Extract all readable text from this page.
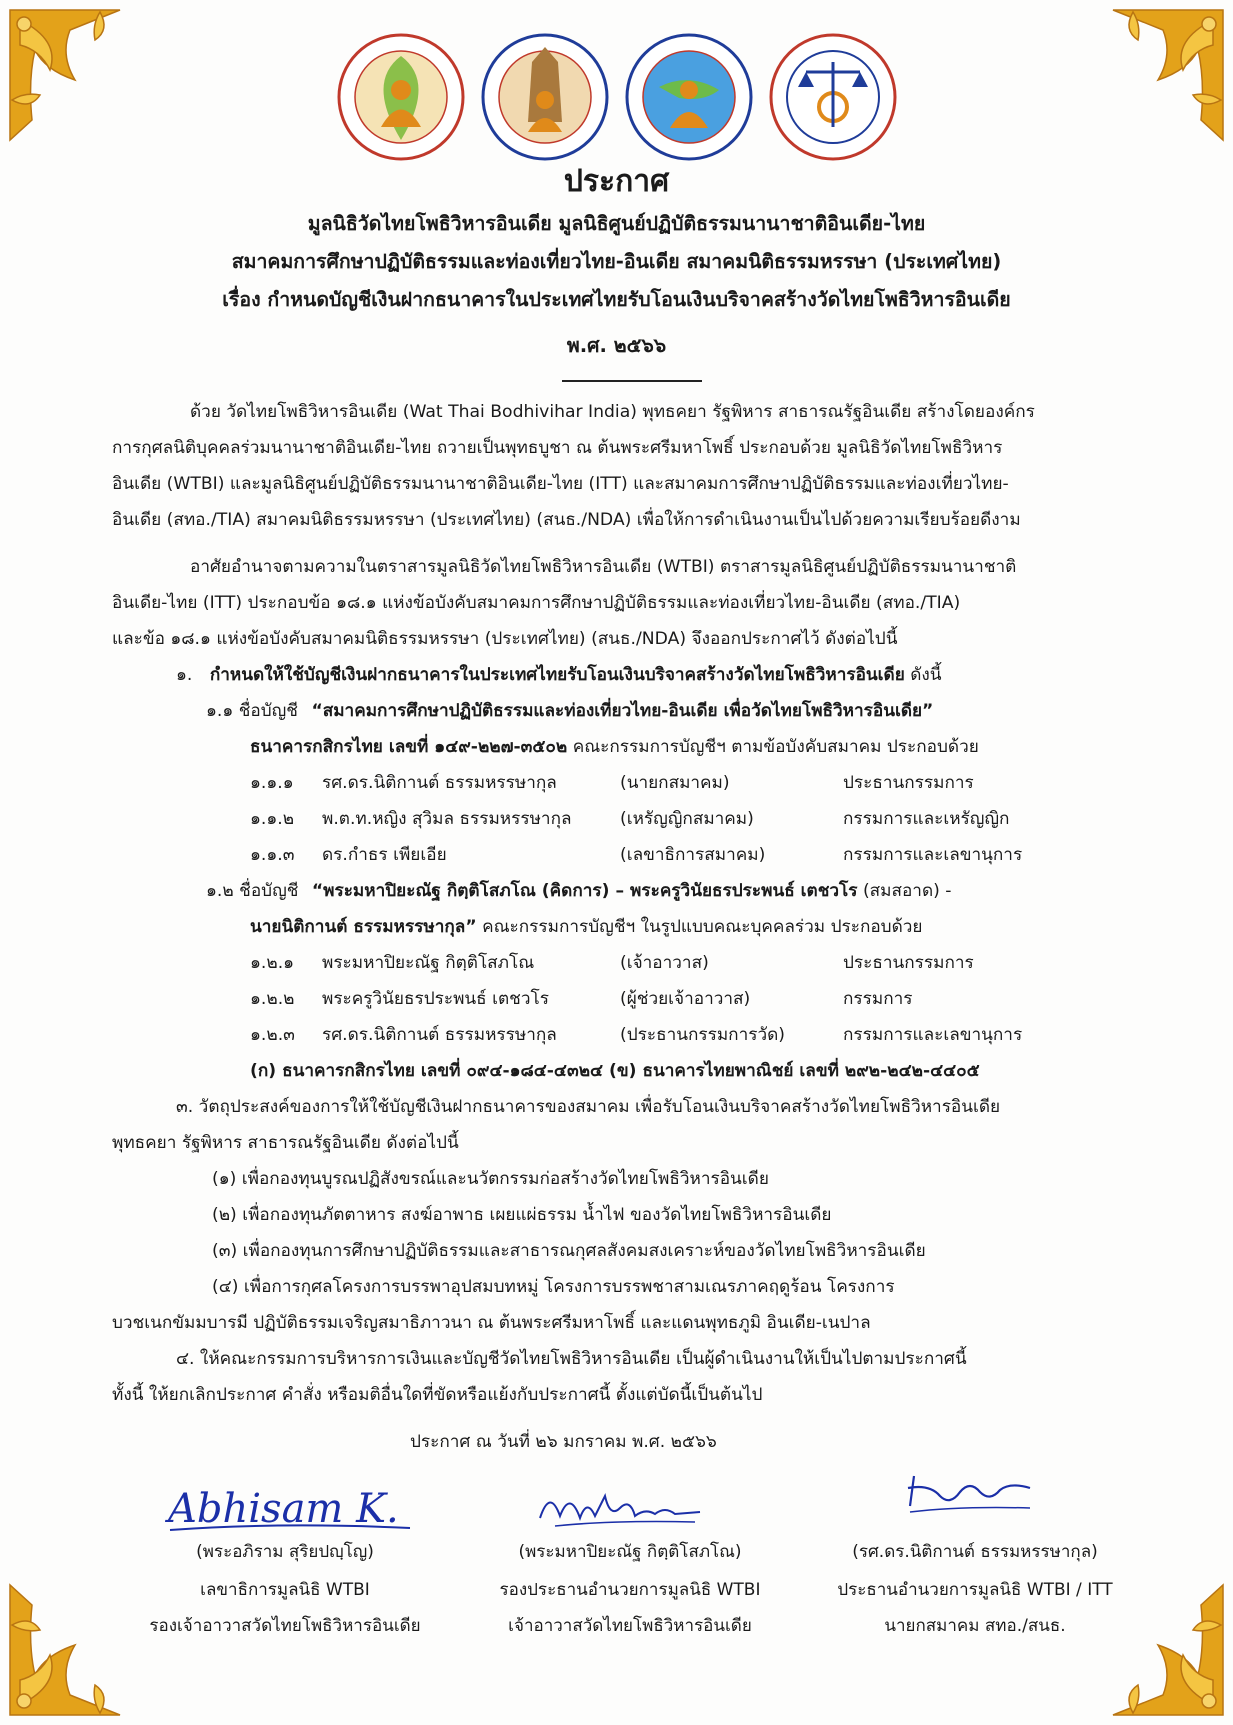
ประกาศ
มูลนิธิวัดไทยโพธิวิหารอินเดีย มูลนิธิศูนย์ปฏิบัติธรรมนานาชาติอินเดีย-ไทย
สมาคมการศึกษาปฏิบัติธรรมและท่องเที่ยวไทย-อินเดีย สมาคมนิติธรรมหรรษา (ประเทศไทย)
เรื่อง กำหนดบัญชีเงินฝากธนาคารในประเทศไทยรับโอนเงินบริจาคสร้างวัดไทยโพธิวิหารอินเดีย
พ.ศ. ๒๕๖๖
ด้วย วัดไทยโพธิวิหารอินเดีย (Wat Thai Bodhivihar India) พุทธคยา รัฐพิหาร สาธารณรัฐอินเดีย สร้างโดยองค์กร
การกุศลนิติบุคคลร่วมนานาชาติอินเดีย-ไทย ถวายเป็นพุทธบูชา ณ ต้นพระศรีมหาโพธิ์ ประกอบด้วย มูลนิธิวัดไทยโพธิวิหาร
อินเดีย (WTBI) และมูลนิธิศูนย์ปฏิบัติธรรมนานาชาติอินเดีย-ไทย (ITT) และสมาคมการศึกษาปฏิบัติธรรมและท่องเที่ยวไทย-
อินเดีย (สทอ./TIA) สมาคมนิติธรรมหรรษา (ประเทศไทย) (สนธ./NDA) เพื่อให้การดำเนินงานเป็นไปด้วยความเรียบร้อยดีงาม
อาศัยอำนาจตามความในตราสารมูลนิธิวัดไทยโพธิวิหารอินเดีย (WTBI) ตราสารมูลนิธิศูนย์ปฏิบัติธรรมนานาชาติ
อินเดีย-ไทย (ITT) ประกอบข้อ ๑๘.๑ แห่งข้อบังคับสมาคมการศึกษาปฏิบัติธรรมและท่องเที่ยวไทย-อินเดีย (สทอ./TIA)
และข้อ ๑๘.๑ แห่งข้อบังคับสมาคมนิติธรรมหรรษา (ประเทศไทย) (สนธ./NDA) จึงออกประกาศไว้ ดังต่อไปนี้
๑. กำหนดให้ใช้บัญชีเงินฝากธนาคารในประเทศไทยรับโอนเงินบริจาคสร้างวัดไทยโพธิวิหารอินเดีย ดังนี้
๑.๑ ชื่อบัญชี “สมาคมการศึกษาปฏิบัติธรรมและท่องเที่ยวไทย-อินเดีย เพื่อวัดไทยโพธิวิหารอินเดีย”
ธนาคารกสิกรไทย เลขที่ ๑๔๙-๒๒๗-๓๕๐๒ คณะกรรมการบัญชีฯ ตามข้อบังคับสมาคม ประกอบด้วย
๑.๑.๑ รศ.ดร.นิติกานต์ ธรรมหรรษากุล	(นายกสมาคม)	ประธานกรรมการ
๑.๑.๒ พ.ต.ท.หญิง สุวิมล ธรรมหรรษากุล	(เหรัญญิกสมาคม)	กรรมการและเหรัญญิก
๑.๑.๓ ดร.กำธร เพียเอีย	(เลขาธิการสมาคม)	กรรมการและเลขานุการ
๑.๒ ชื่อบัญชี “พระมหาปิยะณัฐ กิตฺติโสภโณ (คิดการ) – พระครูวินัยธรประพนธ์ เตชวโร (สมสอาด) -
นายนิติกานต์ ธรรมหรรษากุล” คณะกรรมการบัญชีฯ ในรูปแบบคณะบุคคลร่วม ประกอบด้วย
๑.๒.๑ พระมหาปิยะณัฐ กิตฺติโสภโณ	(เจ้าอาวาส)	ประธานกรรมการ
๑.๒.๒ พระครูวินัยธรประพนธ์ เตชวโร	(ผู้ช่วยเจ้าอาวาส)	กรรมการ
๑.๒.๓ รศ.ดร.นิติกานต์ ธรรมหรรษากุล	(ประธานกรรมการวัด)	กรรมการและเลขานุการ
(ก) ธนาคารกสิกรไทย เลขที่ ๐๙๔-๑๘๔-๔๓๒๔ (ข) ธนาคารไทยพาณิชย์ เลขที่ ๒๙๒-๒๔๒-๔๔๐๕
๓. วัตถุประสงค์ของการให้ใช้บัญชีเงินฝากธนาคารของสมาคม เพื่อรับโอนเงินบริจาคสร้างวัดไทยโพธิวิหารอินเดีย
พุทธคยา รัฐพิหาร สาธารณรัฐอินเดีย ดังต่อไปนี้
(๑) เพื่อกองทุนบูรณปฏิสังขรณ์และนวัตกรรมก่อสร้างวัดไทยโพธิวิหารอินเดีย
(๒) เพื่อกองทุนภัตตาหาร สงฆ์อาพาธ เผยแผ่ธรรม น้ำไฟ ของวัดไทยโพธิวิหารอินเดีย
(๓) เพื่อกองทุนการศึกษาปฏิบัติธรรมและสาธารณกุศลสังคมสงเคราะห์ของวัดไทยโพธิวิหารอินเดีย
(๔) เพื่อการกุศลโครงการบรรพาอุปสมบทหมู่ โครงการบรรพชาสามเณรภาคฤดูร้อน โครงการ
บวชเนกขัมมบารมี ปฏิบัติธรรมเจริญสมาธิภาวนา ณ ต้นพระศรีมหาโพธิ์ และแดนพุทธภูมิ อินเดีย-เนปาล
๔. ให้คณะกรรมการบริหารการเงินและบัญชีวัดไทยโพธิวิหารอินเดีย เป็นผู้ดำเนินงานให้เป็นไปตามประกาศนี้
ทั้งนี้ ให้ยกเลิกประกาศ คำสั่ง หรือมติอื่นใดที่ขัดหรือแย้งกับประกาศนี้ ตั้งแต่บัดนี้เป็นต้นไป
ประกาศ ณ วันที่ ๒๖ มกราคม พ.ศ. ๒๕๖๖
Abhisam K.
(พระอภิราม สุริยปญฺโญ)
เลขาธิการมูลนิธิ WTBI
รองเจ้าอาวาสวัดไทยโพธิวิหารอินเดีย
(พระมหาปิยะณัฐ กิตฺติโสภโณ)
รองประธานอำนวยการมูลนิธิ WTBI
เจ้าอาวาสวัดไทยโพธิวิหารอินเดีย
(รศ.ดร.นิติกานต์ ธรรมหรรษากุล)
ประธานอำนวยการมูลนิธิ WTBI / ITT
นายกสมาคม สทอ./สนธ.
